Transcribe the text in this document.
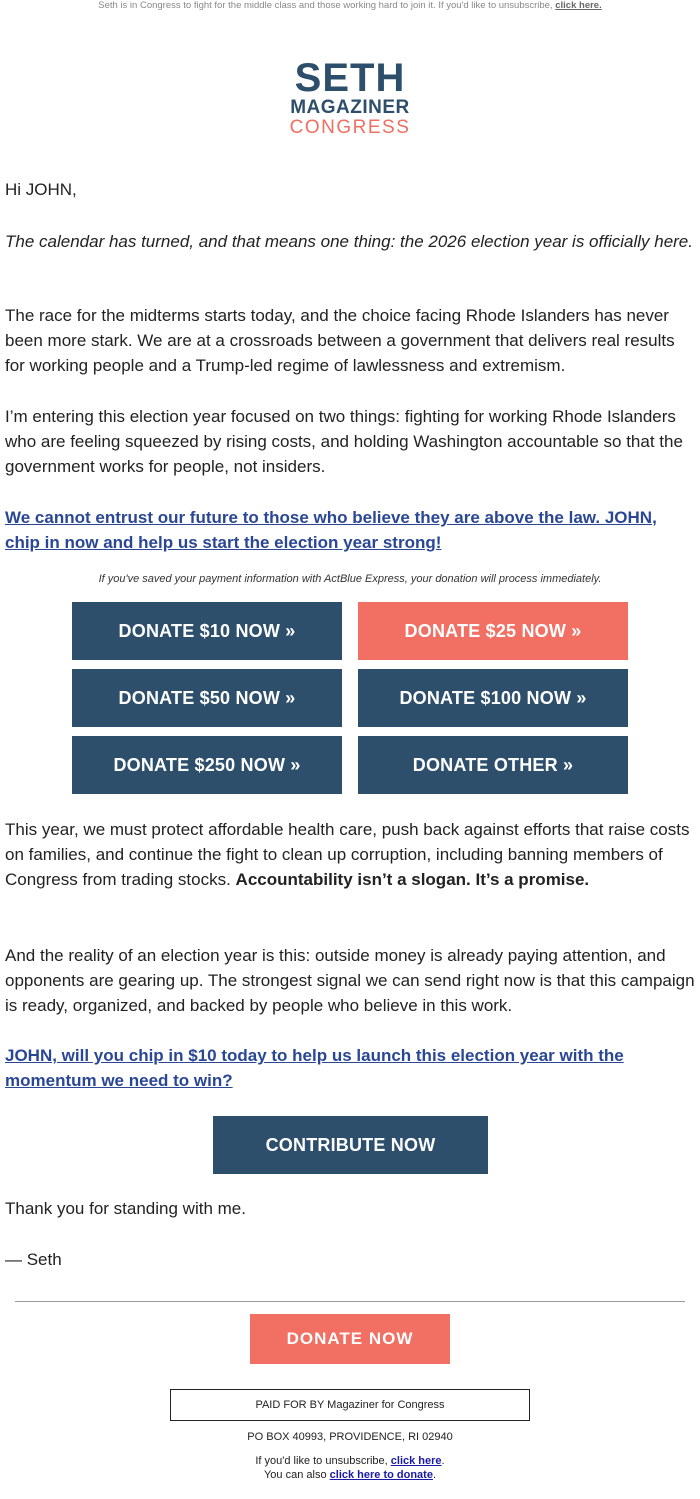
Seth is in Congress to fight for the middle class and those working hard to join it. If you'd like to unsubscribe, click here.
SETH
MAGAZINER
CONGRESS
Hi JOHN,
The calendar has turned, and that means one thing: the 2026 election year is officially here.
The race for the midterms starts today, and the choice facing Rhode Islanders has never been more stark. We are at a crossroads between a government that delivers real results for working people and a Trump-led regime of lawlessness and extremism.
I’m entering this election year focused on two things: fighting for working Rhode Islanders who are feeling squeezed by rising costs, and holding Washington accountable so that the government works for people, not insiders.
We cannot entrust our future to those who believe they are above the law. JOHN, chip in now and help us start the election year strong!
If you've saved your payment information with ActBlue Express, your donation will process immediately.
DONATE $10 NOW »	DONATE $25 NOW »
DONATE $50 NOW »	DONATE $100 NOW »
DONATE $250 NOW »	DONATE OTHER »
This year, we must protect affordable health care, push back against efforts that raise costs on families, and continue the fight to clean up corruption, including banning members of Congress from trading stocks. Accountability isn’t a slogan. It’s a promise.
And the reality of an election year is this: outside money is already paying attention, and opponents are gearing up. The strongest signal we can send right now is that this campaign is ready, organized, and backed by people who believe in this work.
JOHN, will you chip in $10 today to help us launch this election year with the momentum we need to win?
CONTRIBUTE NOW
Thank you for standing with me.
— Seth
DONATE NOW
PAID FOR BY Magaziner for Congress
PO BOX 40993, PROVIDENCE, RI 02940
If you'd like to unsubscribe, click here.
You can also click here to donate.
